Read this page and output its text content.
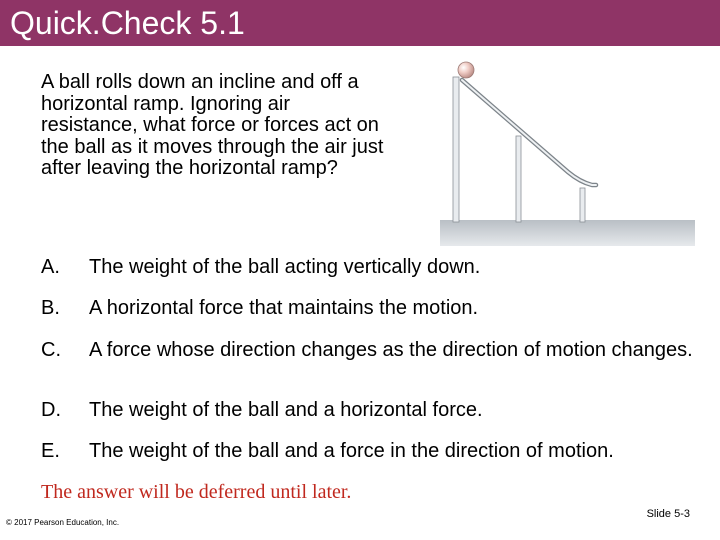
Quick.Check 5.1
A ball rolls down an incline and off a horizontal ramp. Ignoring air resistance, what force or forces act on the ball as it moves through the air just after leaving the horizontal ramp?
A. The weight of the ball acting vertically down.
B. A horizontal force that maintains the motion.
C. A force whose direction changes as the direction of motion changes.
D. The weight of the ball and a horizontal force.
E. The weight of the ball and a force in the direction of motion.
The answer will be deferred until later.
© 2017 Pearson Education, Inc.
Slide 5-3
